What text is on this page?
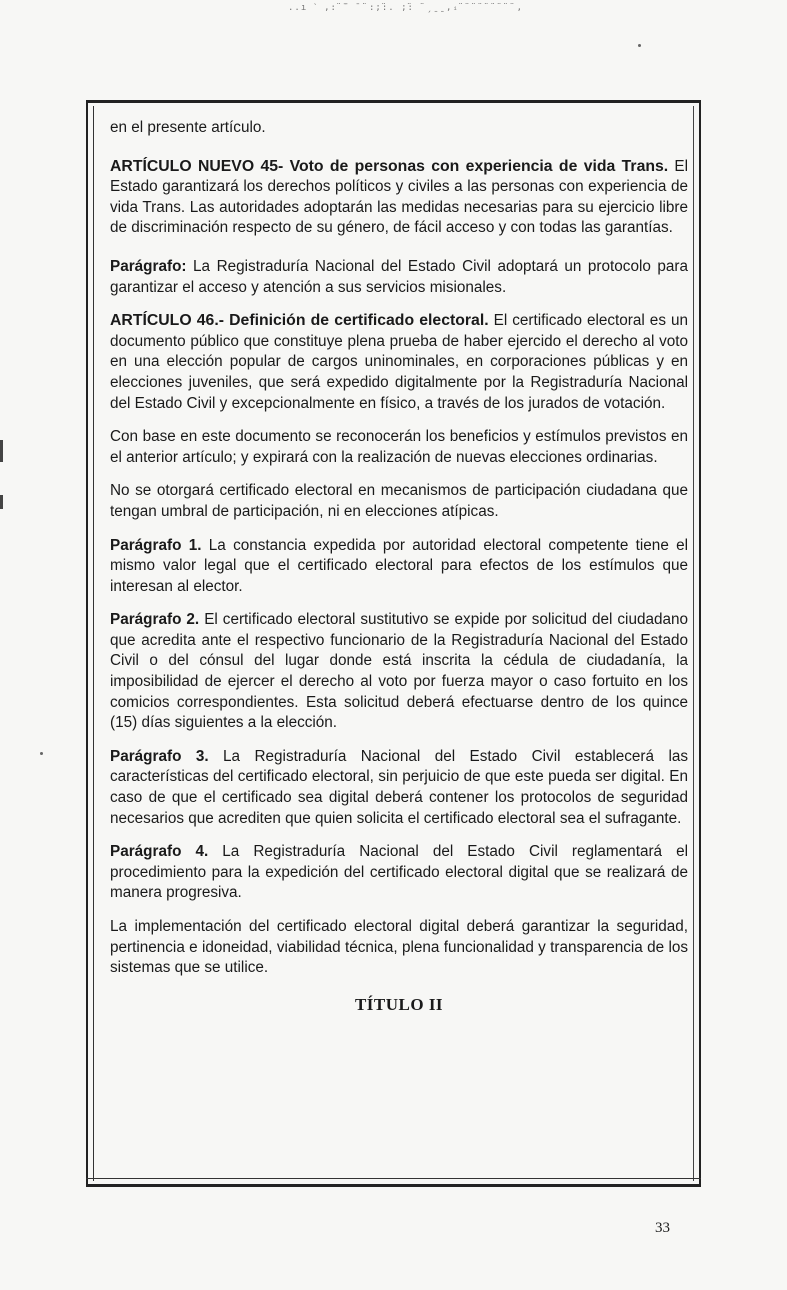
..ı ˋ ,:̈ ̄ˉ ̄ ̈ :;̈:. ;̈: ̈ ˏˍˍ,ᵢ̈ ̈ ̈ ̈ ̈ ̈ ̈ ̈ ̈ ,

en el presente artículo.

ARTÍCULO NUEVO 45- Voto de personas con experiencia de vida Trans. El Estado garantizará los derechos políticos y civiles a las personas con experiencia de vida Trans. Las autoridades adoptarán las medidas necesarias para su ejercicio libre de discriminación respecto de su género, de fácil acceso y con todas las garantías.

Parágrafo: La Registraduría Nacional del Estado Civil adoptará un protocolo para garantizar el acceso y atención a sus servicios misionales.

ARTÍCULO 46.- Definición de certificado electoral. El certificado electoral es un documento público que constituye plena prueba de haber ejercido el derecho al voto en una elección popular de cargos uninominales, en corporaciones públicas y en elecciones juveniles, que será expedido digitalmente por la Registraduría Nacional del Estado Civil y excepcionalmente en físico, a través de los jurados de votación.

Con base en este documento se reconocerán los beneficios y estímulos previstos en el anterior artículo; y expirará con la realización de nuevas elecciones ordinarias.

No se otorgará certificado electoral en mecanismos de participación ciudadana que tengan umbral de participación, ni en elecciones atípicas.

Parágrafo 1. La constancia expedida por autoridad electoral competente tiene el mismo valor legal que el certificado electoral para efectos de los estímulos que interesan al elector.

Parágrafo 2. El certificado electoral sustitutivo se expide por solicitud del ciudadano que acredita ante el respectivo funcionario de la Registraduría Nacional del Estado Civil o del cónsul del lugar donde está inscrita la cédula de ciudadanía, la imposibilidad de ejercer el derecho al voto por fuerza mayor o caso fortuito en los comicios correspondientes. Esta solicitud deberá efectuarse dentro de los quince (15) días siguientes a la elección.

Parágrafo 3. La Registraduría Nacional del Estado Civil establecerá las características del certificado electoral, sin perjuicio de que este pueda ser digital. En caso de que el certificado sea digital deberá contener los protocolos de seguridad necesarios que acrediten que quien solicita el certificado electoral sea el sufragante.

Parágrafo 4. La Registraduría Nacional del Estado Civil reglamentará el procedimiento para la expedición del certificado electoral digital que se realizará de manera progresiva.

La implementación del certificado electoral digital deberá garantizar la seguridad, pertinencia e idoneidad, viabilidad técnica, plena funcionalidad y transparencia de los sistemas que se utilice.

TÍTULO II
33
